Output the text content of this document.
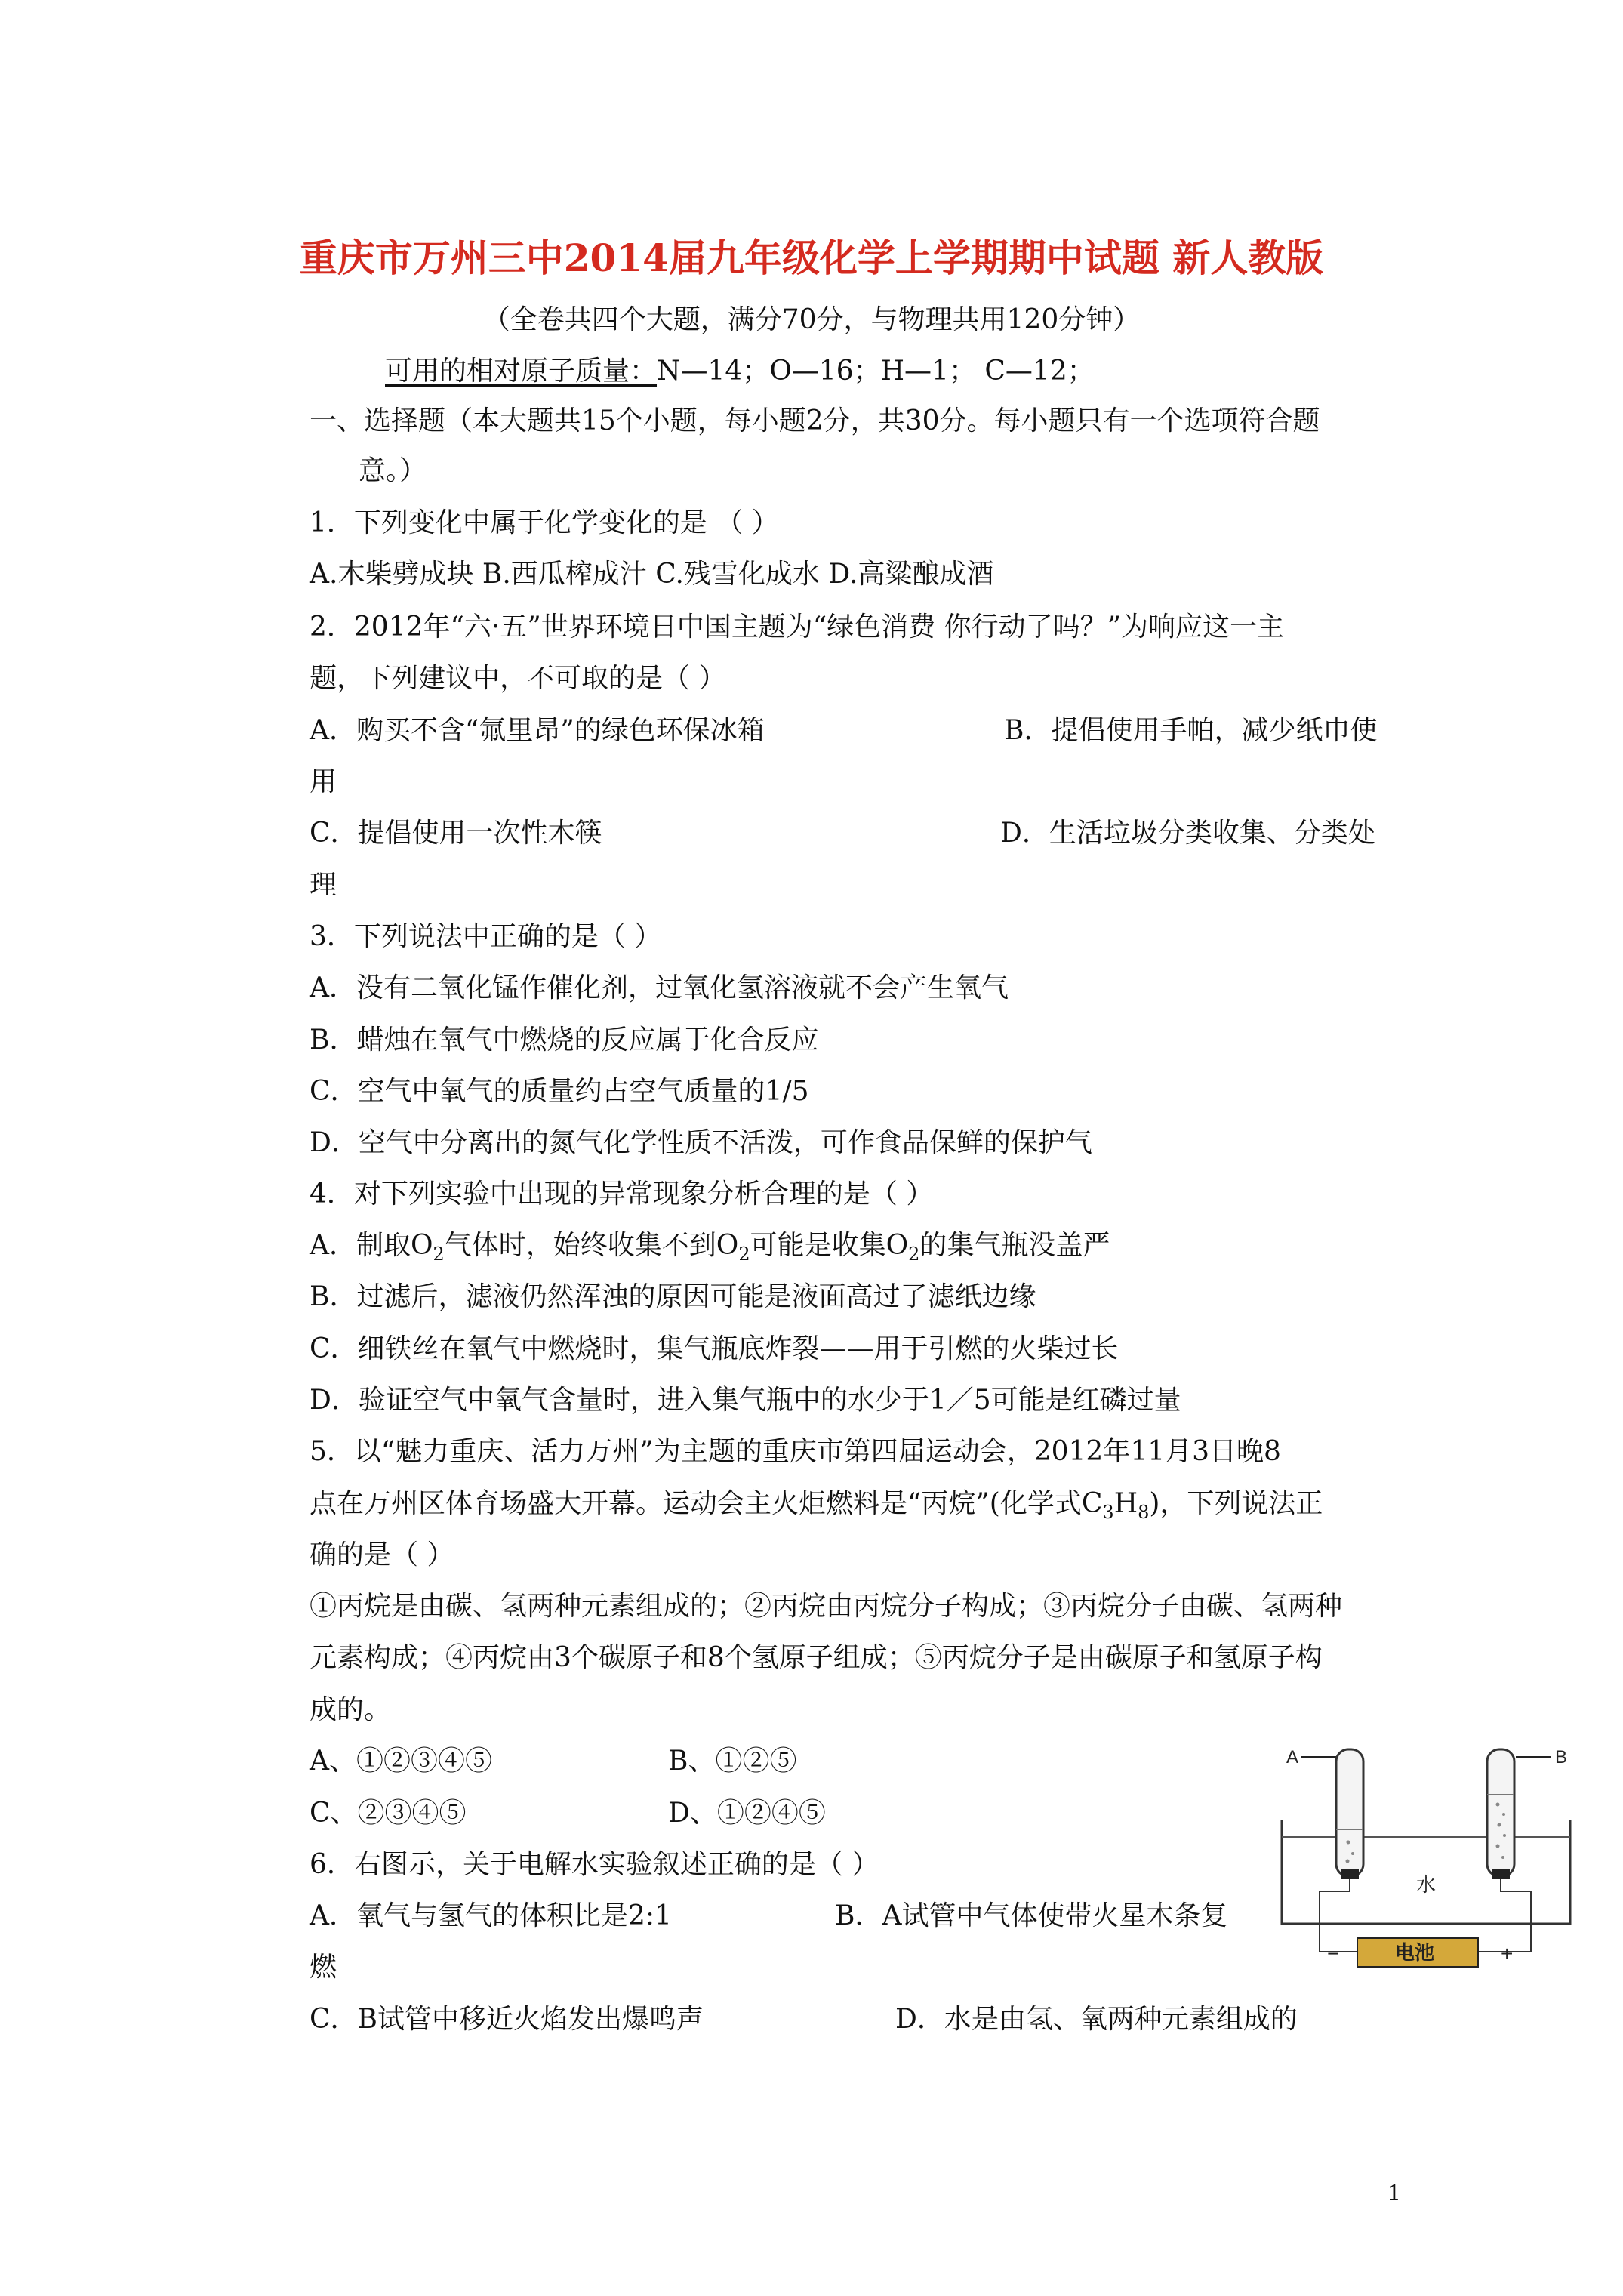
重庆市万州三中2014届九年级化学上学期期中试题 新人教版
（全卷共四个大题，满分70分，与物理共用120分钟）
可用的相对原子质量：N—14；O—16；H—1； C—12；
一、选择题（本大题共15个小题，每小题2分，共30分。每小题只有一个选项符合题
意。）
1．下列变化中属于化学变化的是 （ ）
A.木柴劈成块 B.西瓜榨成汁 C.残雪化成水 D.高粱酿成酒
2．2012年“六·五”世界环境日中国主题为“绿色消费 你行动了吗？”为响应这一主
题，下列建议中，不可取的是（ ）
A．购买不含“氟里昂”的绿色环保冰箱	B．提倡使用手帕，减少纸巾使
用
C．提倡使用一次性木筷	D．生活垃圾分类收集、分类处
理
3．下列说法中正确的是（ ）
A．没有二氧化锰作催化剂，过氧化氢溶液就不会产生氧气
B．蜡烛在氧气中燃烧的反应属于化合反应
C．空气中氧气的质量约占空气质量的1/5
D．空气中分离出的氮气化学性质不活泼，可作食品保鲜的保护气
4．对下列实验中出现的异常现象分析合理的是（ ）
A．制取$O_2$气体时，始终收集不到$O_2$可能是收集$O_2$的集气瓶没盖严
B．过滤后，滤液仍然浑浊的原因可能是液面高过了滤纸边缘
C．细铁丝在氧气中燃烧时，集气瓶底炸裂——用于引燃的火柴过长
D．验证空气中氧气含量时，进入集气瓶中的水少于1／5可能是红磷过量
5．以“魅力重庆、活力万州”为主题的重庆市第四届运动会，2012年11月3日晚8
点在万州区体育场盛大开幕。运动会主火炬燃料是“丙烷”(化学式$C_3H_8$)，下列说法正
确的是（ ）
①丙烷是由碳、氢两种元素组成的；②丙烷由丙烷分子构成；③丙烷分子由碳、氢两种
元素构成；④丙烷由3个碳原子和8个氢原子组成；⑤丙烷分子是由碳原子和氢原子构
成的。
A、①②③④⑤	B、①②⑤
C、②③④⑤	D、①②④⑤
6．右图示，关于电解水实验叙述正确的是（ ）
A．氧气与氢气的体积比是2:1	B．A试管中气体使带火星木条复
燃
C．B试管中移近火焰发出爆鸣声	D．水是由氢、氧两种元素组成的
A	B
水
电池
−	+
1
